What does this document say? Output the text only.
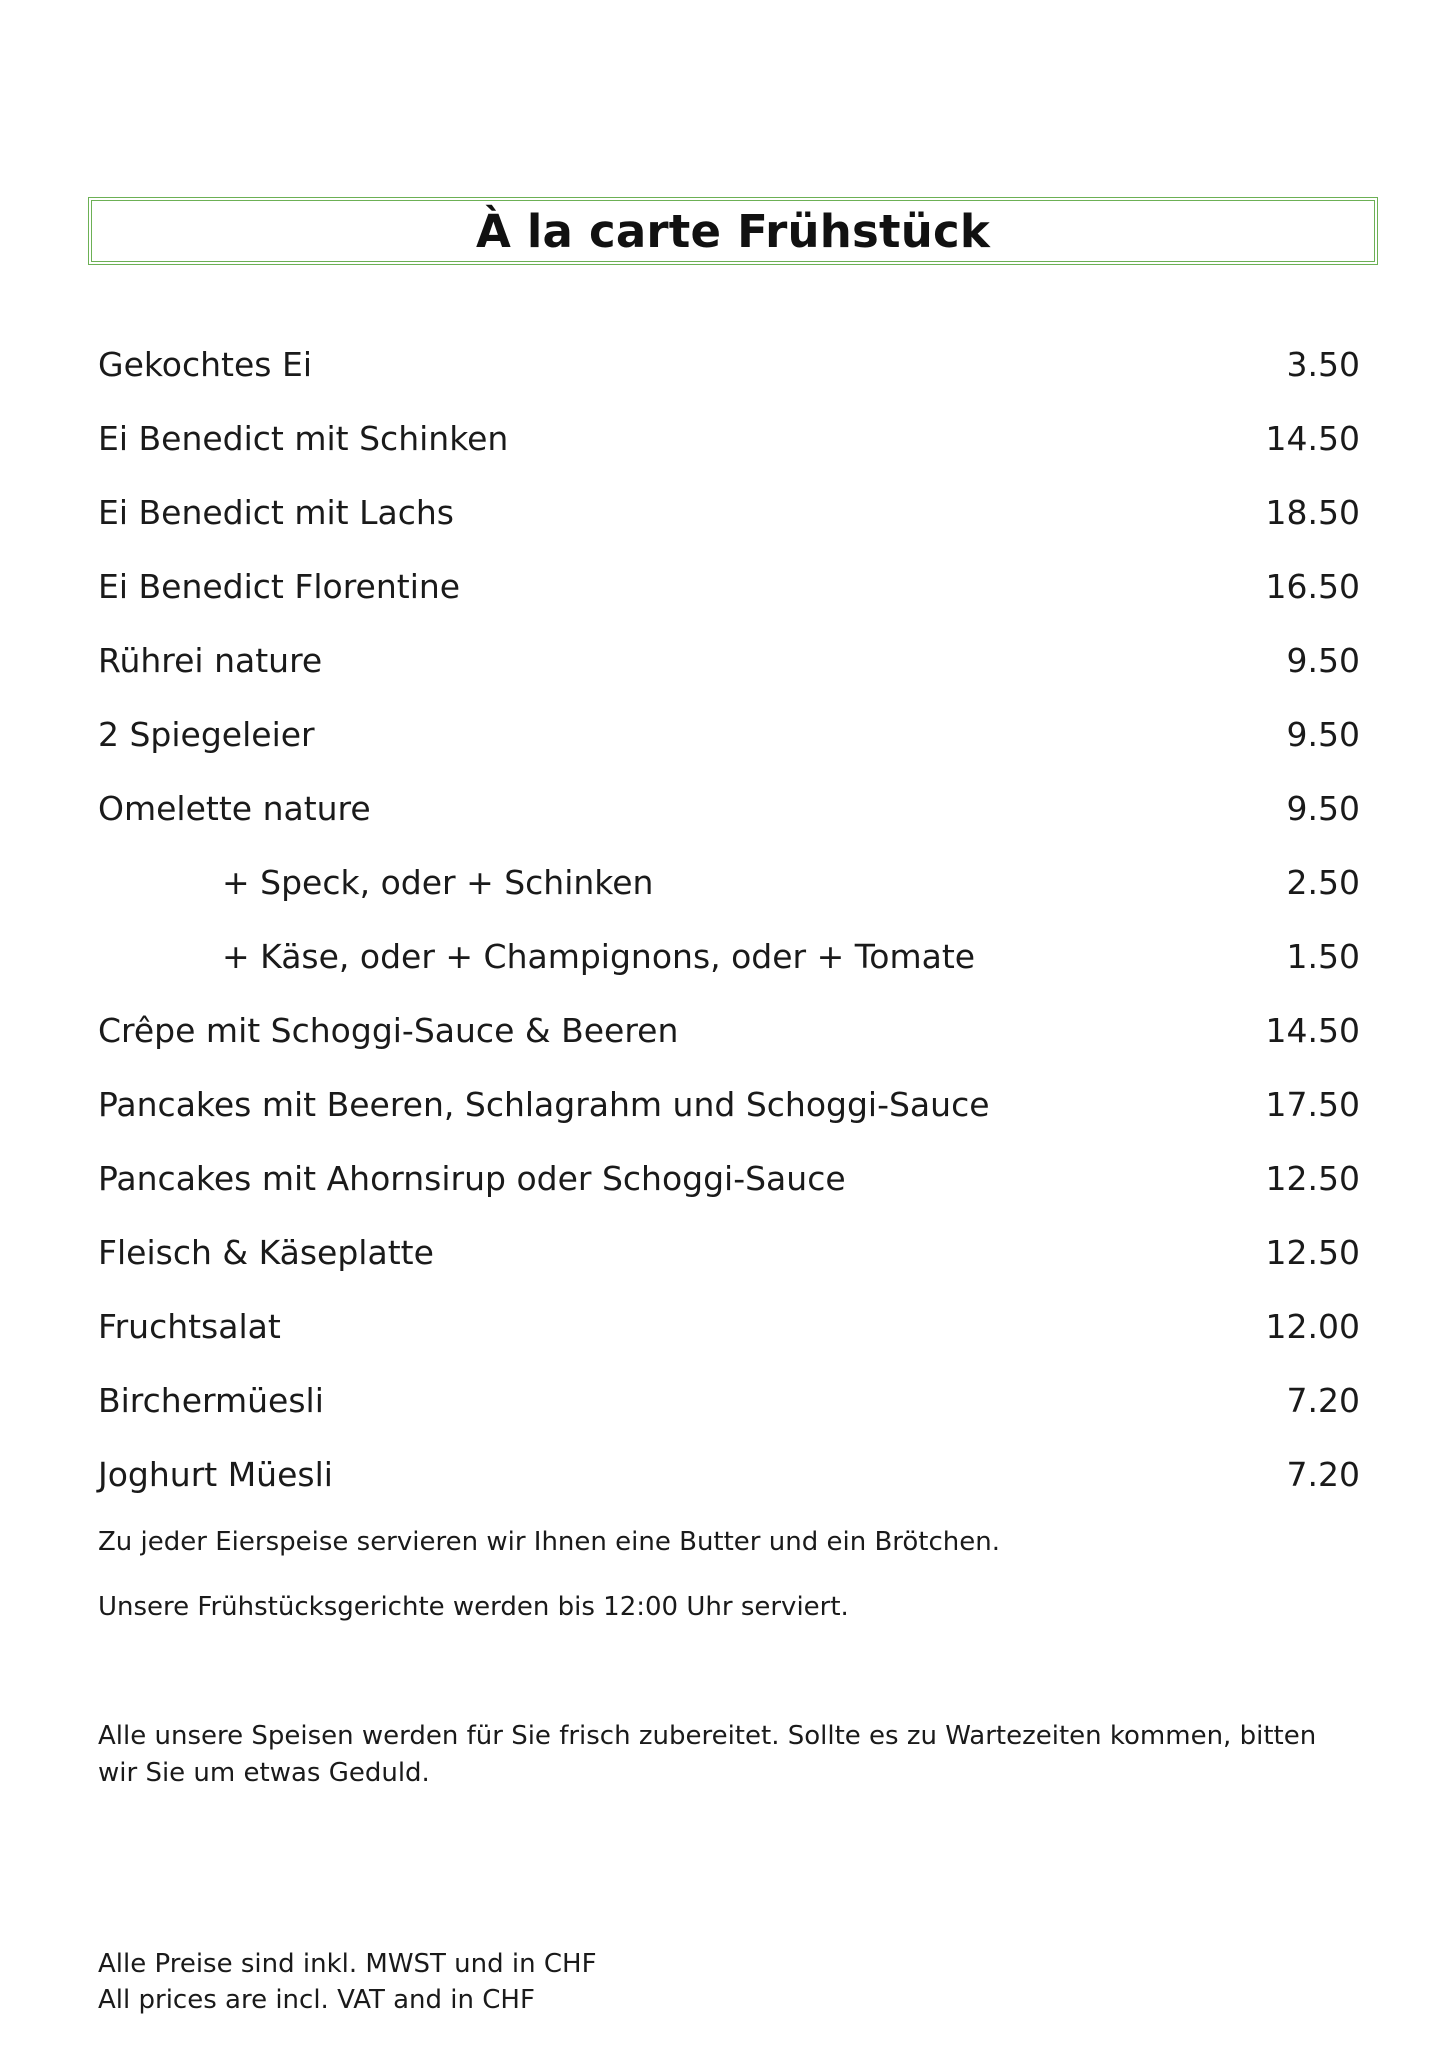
À la carte Frühstück
Gekochtes Ei	3.50
Ei Benedict mit Schinken	14.50
Ei Benedict mit Lachs	18.50
Ei Benedict Florentine	16.50
Rührei nature	9.50
2 Spiegeleier	9.50
Omelette nature	9.50
+ Speck, oder + Schinken	2.50
+ Käse, oder + Champignons, oder + Tomate	1.50
Crêpe mit Schoggi-Sauce & Beeren	14.50
Pancakes mit Beeren, Schlagrahm und Schoggi-Sauce	17.50
Pancakes mit Ahornsirup oder Schoggi-Sauce	12.50
Fleisch & Käseplatte	12.50
Fruchtsalat	12.00
Birchermüesli	7.20
Joghurt Müesli	7.20

Zu jeder Eierspeise servieren wir Ihnen eine Butter und ein Brötchen.

Unsere Frühstücksgerichte werden bis 12:00 Uhr serviert.

Alle unsere Speisen werden für Sie frisch zubereitet. Sollte es zu Wartezeiten kommen, bitten wir Sie um etwas Geduld.

Alle Preise sind inkl. MWST und in CHF

All prices are incl. VAT and in CHF
